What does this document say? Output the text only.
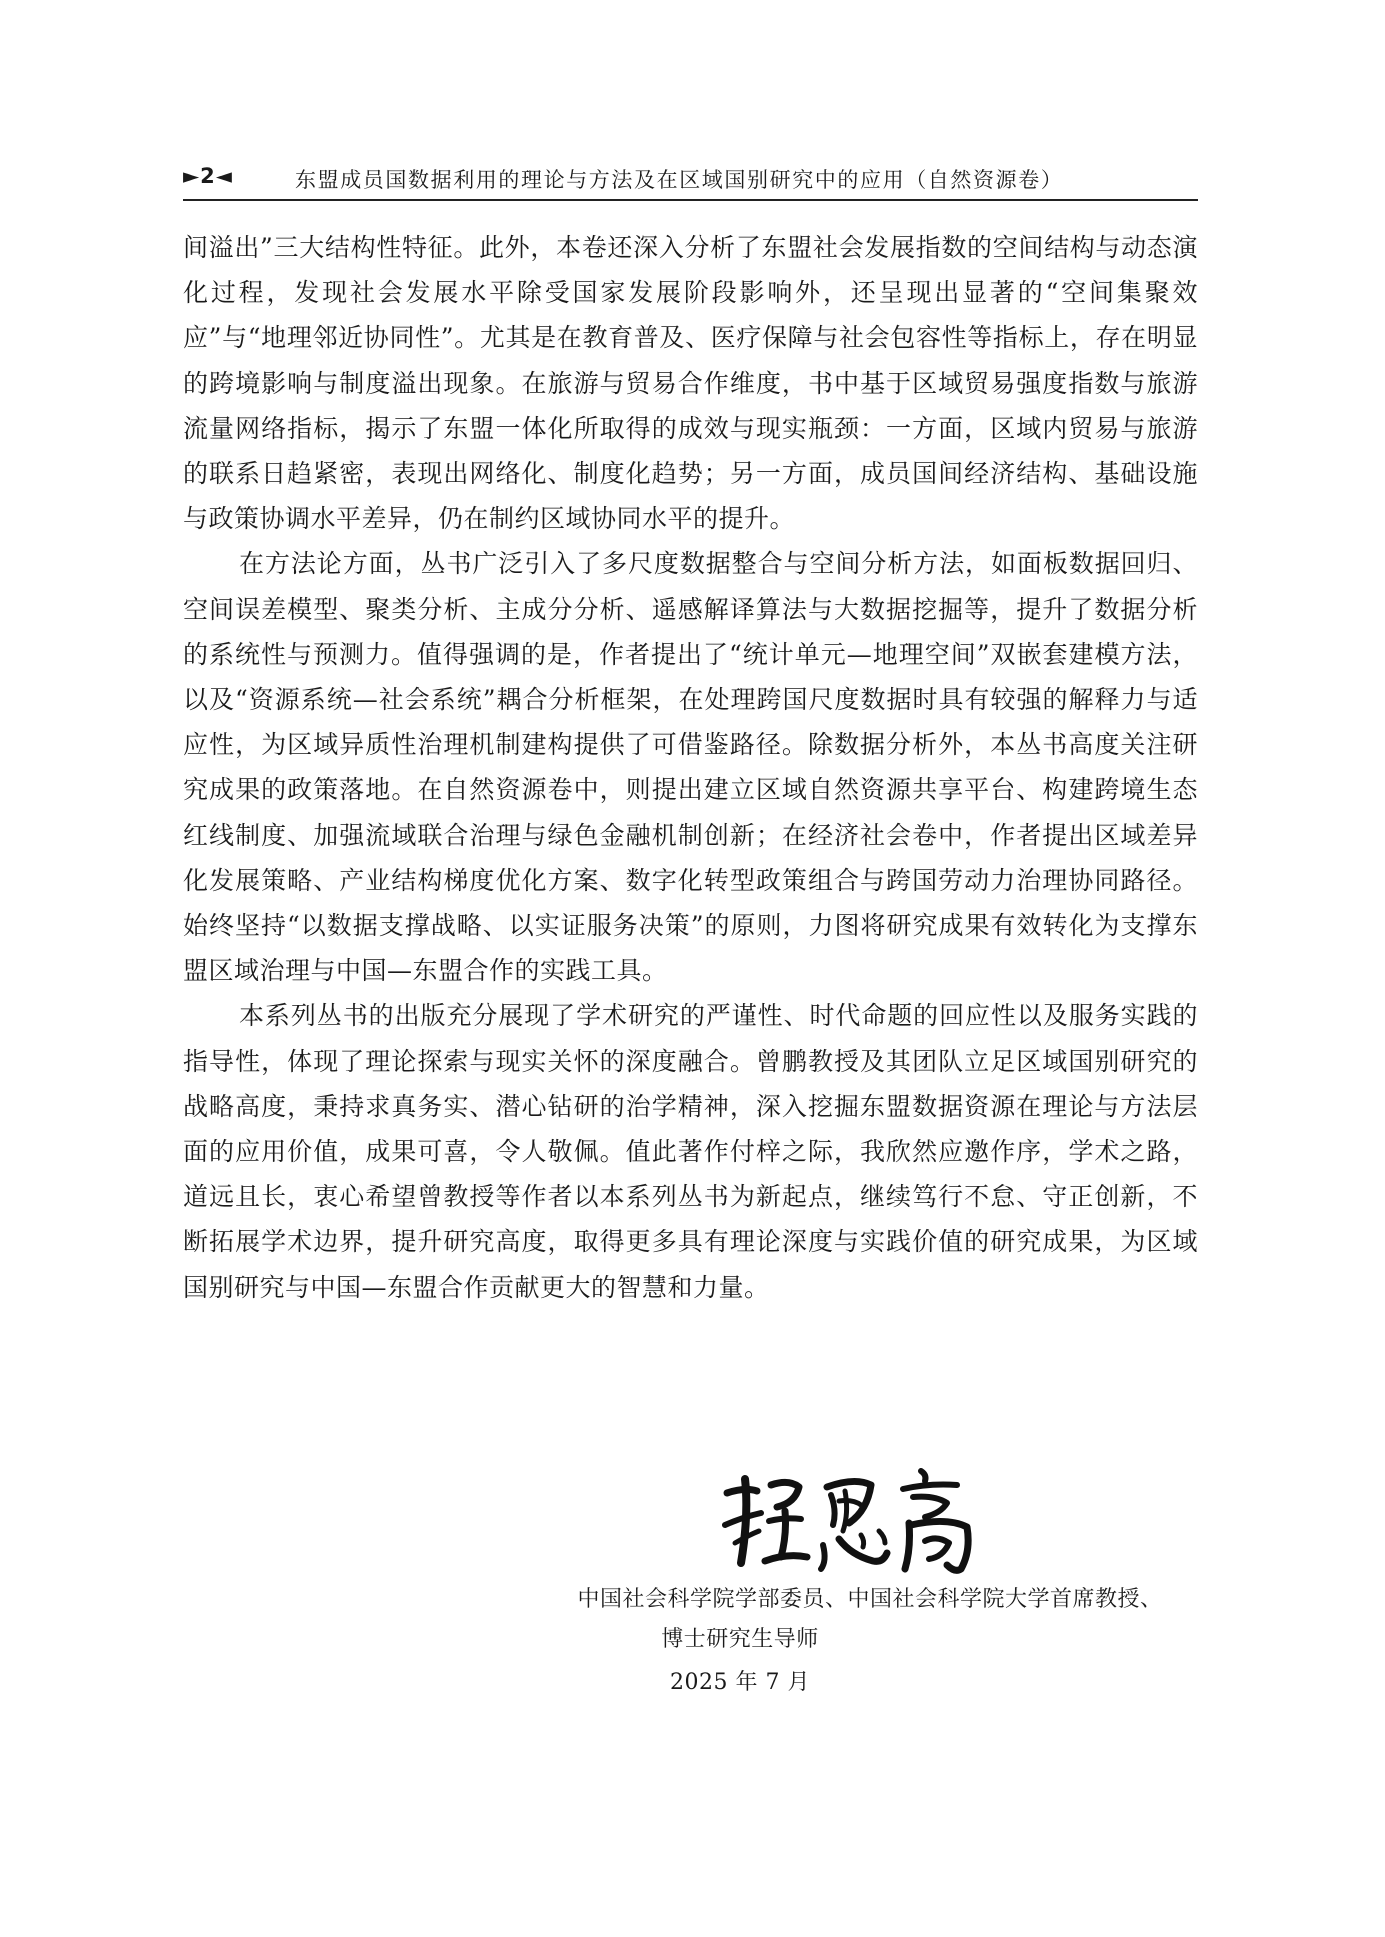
►2◄	东盟成员国数据利用的理论与方法及在区域国别研究中的应用（自然资源卷）

间溢出”三大结构性特征。此外，本卷还深入分析了东盟社会发展指数的空间结构与动态演化过程，发现社会发展水平除受国家发展阶段影响外，还呈现出显著的“空间集聚效应”与“地理邻近协同性”。尤其是在教育普及、医疗保障与社会包容性等指标上，存在明显的跨境影响与制度溢出现象。在旅游与贸易合作维度，书中基于区域贸易强度指数与旅游流量网络指标，揭示了东盟一体化所取得的成效与现实瓶颈：一方面，区域内贸易与旅游的联系日趋紧密，表现出网络化、制度化趋势；另一方面，成员国间经济结构、基础设施与政策协调水平差异，仍在制约区域协同水平的提升。

在方法论方面，丛书广泛引入了多尺度数据整合与空间分析方法，如面板数据回归、空间误差模型、聚类分析、主成分分析、遥感解译算法与大数据挖掘等，提升了数据分析的系统性与预测力。值得强调的是，作者提出了“统计单元—地理空间”双嵌套建模方法，以及“资源系统—社会系统”耦合分析框架，在处理跨国尺度数据时具有较强的解释力与适应性，为区域异质性治理机制建构提供了可借鉴路径。除数据分析外，本丛书高度关注研究成果的政策落地。在自然资源卷中，则提出建立区域自然资源共享平台、构建跨境生态红线制度、加强流域联合治理与绿色金融机制创新；在经济社会卷中，作者提出区域差异化发展策略、产业结构梯度优化方案、数字化转型政策组合与跨国劳动力治理协同路径。始终坚持“以数据支撑战略、以实证服务决策”的原则，力图将研究成果有效转化为支撑东盟区域治理与中国—东盟合作的实践工具。

本系列丛书的出版充分展现了学术研究的严谨性、时代命题的回应性以及服务实践的指导性，体现了理论探索与现实关怀的深度融合。曾鹏教授及其团队立足区域国别研究的战略高度，秉持求真务实、潜心钻研的治学精神，深入挖掘东盟数据资源在理论与方法层面的应用价值，成果可喜，令人敬佩。值此著作付梓之际，我欣然应邀作序，学术之路，道远且长，衷心希望曾教授等作者以本系列丛书为新起点，继续笃行不怠、守正创新，不断拓展学术边界，提升研究高度，取得更多具有理论深度与实践价值的研究成果，为区域国别研究与中国—东盟合作贡献更大的智慧和力量。

中国社会科学院学部委员、中国社会科学院大学首席教授、
博士研究生导师
2025 年 7 月
